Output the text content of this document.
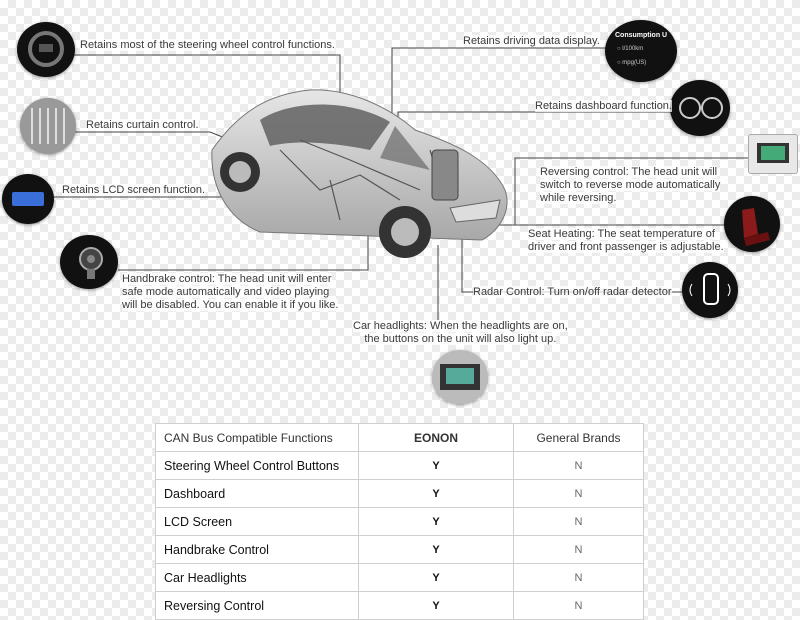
Consumption U
○ l/100km
○ mpg(US)
Retains most of the steering wheel control functions.
Retains curtain control.
Retains LCD screen function.
Handbrake control: The head unit will enter
safe mode automatically and video playing
will be disabled. You can enable it if you like.
Retains driving data display.
Retains dashboard function.
Reversing control: The head unit will
switch to reverse mode automatically
while reversing.
Seat Heating: The seat temperature of
driver and front passenger is adjustable.
Radar Control: Turn on/off radar detector
Car headlights: When the headlights are on,
the buttons on the unit will also light up.
CAN Bus Compatible Functions	EONON	General Brands
Steering Wheel Control Buttons	Y	N
Dashboard	Y	N
LCD Screen	Y	N
Handbrake Control	Y	N
Car Headlights	Y	N
Reversing Control	Y	N
